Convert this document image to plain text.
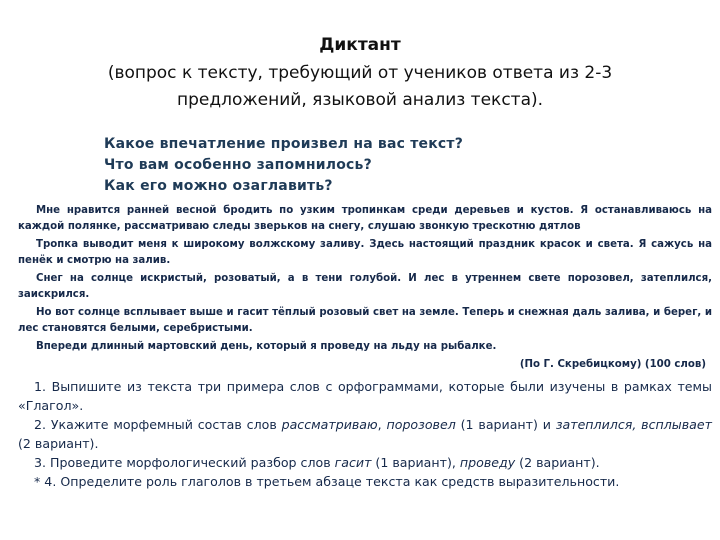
Диктант
(вопрос к тексту, требующий от учеников ответа из 2-3
предложений, языковой анализ текста).
Какое впечатление произвел на вас текст?
Что вам особенно запомнилось?
Как его можно озаглавить?

Мне нравится ранней весной бродить по узким тропинкам среди деревьев и кустов. Я останавливаюсь на каждой полянке, рассматриваю следы зверьков на снегу, слушаю звонкую трескотню дятлов

Тропка выводит меня к широкому волжскому заливу. Здесь настоящий праздник красок и света. Я сажусь на пенёк и смотрю на залив.

Снег на солнце искристый, розоватый, а в тени голубой. И лес в утреннем свете порозовел, затеплился, заискрился.

Но вот солнце всплывает выше и гасит тёплый розовый свет на земле. Теперь и снежная даль залива, и берег, и лес становятся белыми, серебристыми.

Впереди длинный мартовский день, который я проведу на льду на рыбалке.

(По Г. Скребицкому) (100 слов)

1. Выпишите из текста три примера слов с орфограммами, которые были изучены в рамках темы «Глагол».

2. Укажите морфемный состав слов рассматриваю, порозовел (1 вариант) и затеплился, всплывает (2 вариант).

3. Проведите морфологический разбор слов гасит (1 вариант), проведу (2 вариант).

* 4. Определите роль глаголов в третьем абзаце текста как средств выразительности.
